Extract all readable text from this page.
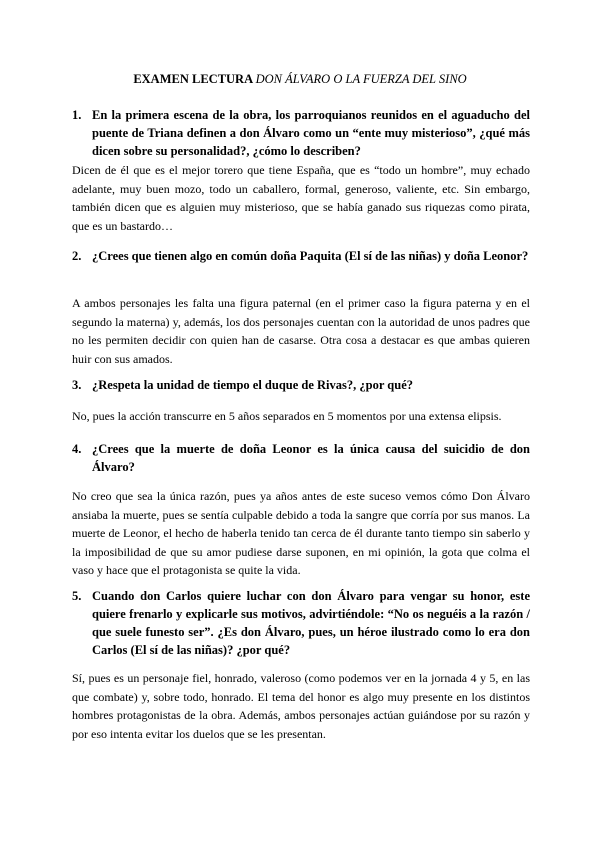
EXAMEN LECTURA DON ÁLVARO O LA FUERZA DEL SINO

1. En la primera escena de la obra, los parroquianos reunidos en el aguaducho del puente de Triana definen a don Álvaro como un “ente muy misterioso”, ¿qué más dicen sobre su personalidad?, ¿cómo lo describen?

Dicen de él que es el mejor torero que tiene España, que es “todo un hombre”, muy echado adelante, muy buen mozo, todo un caballero, formal, generoso, valiente, etc. Sin embargo, también dicen que es alguien muy misterioso, que se había ganado sus riquezas como pirata, que es un bastardo…

2. ¿Crees que tienen algo en común doña Paquita (El sí de las niñas) y doña Leonor?

A ambos personajes les falta una figura paternal (en el primer caso la figura paterna y en el segundo la materna) y, además, los dos personajes cuentan con la autoridad de unos padres que no les permiten decidir con quien han de casarse. Otra cosa a destacar es que ambas quieren huir con sus amados.

3. ¿Respeta la unidad de tiempo el duque de Rivas?, ¿por qué?

No, pues la acción transcurre en 5 años separados en 5 momentos por una extensa elipsis.

4. ¿Crees que la muerte de doña Leonor es la única causa del suicidio de don Álvaro?

No creo que sea la única razón, pues ya años antes de este suceso vemos cómo Don Álvaro ansiaba la muerte, pues se sentía culpable debido a toda la sangre que corría por sus manos. La muerte de Leonor, el hecho de haberla tenido tan cerca de él durante tanto tiempo sin saberlo y la imposibilidad de que su amor pudiese darse suponen, en mi opinión, la gota que colma el vaso y hace que el protagonista se quite la vida.

5. Cuando don Carlos quiere luchar con don Álvaro para vengar su honor, este quiere frenarlo y explicarle sus motivos, advirtiéndole: “No os neguéis a la razón / que suele funesto ser”. ¿Es don Álvaro, pues, un héroe ilustrado como lo era don Carlos (El sí de las niñas)? ¿por qué?

Sí, pues es un personaje fiel, honrado, valeroso (como podemos ver en la jornada 4 y 5, en las que combate) y, sobre todo, honrado. El tema del honor es algo muy presente en los distintos hombres protagonistas de la obra. Además, ambos personajes actúan guiándose por su razón y por eso intenta evitar los duelos que se les presentan.
